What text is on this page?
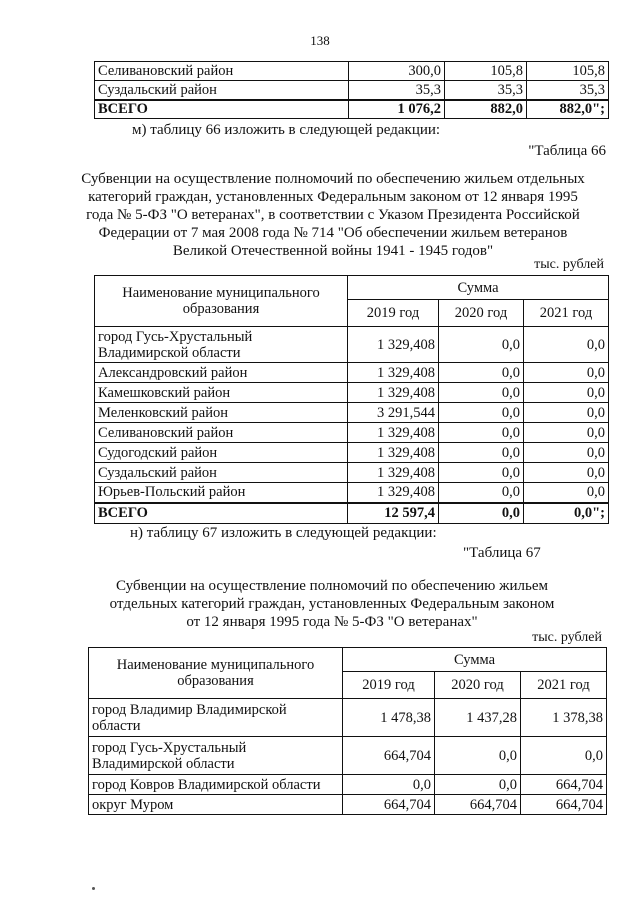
138
Селивановский район	300,0	105,8	105,8
Суздальский район	35,3	35,3	35,3
ВСЕГО	1 076,2	882,0	882,0";
м) таблицу 66 изложить в следующей редакции:
"Таблица 66
Субвенции на осуществление полномочий по обеспечению жильем отдельных
категорий граждан, установленных Федеральным законом от 12 января 1995
года № 5-ФЗ "О ветеранах", в соответствии с Указом Президента Российской
Федерации от 7 мая 2008 года № 714 "Об обеспечении жильем ветеранов
Великой Отечественной войны 1941 - 1945 годов"
тыс. рублей
Наименование муниципального
образования	Сумма		
	2019 год	2020 год	2021 год

город Гусь-Хрустальный
Владимирской области	1 329,408	0,0	0,0
Александровский район	1 329,408	0,0	0,0
Камешковский район	1 329,408	0,0	0,0
Меленковский район	3 291,544	0,0	0,0
Селивановский район	1 329,408	0,0	0,0
Судогодский район	1 329,408	0,0	0,0
Суздальский район	1 329,408	0,0	0,0
Юрьев-Польский район	1 329,408	0,0	0,0
ВСЕГО	12 597,4	0,0	0,0";
н) таблицу 67 изложить в следующей редакции:
"Таблица 67
Субвенции на осуществление полномочий по обеспечению жильем
отдельных категорий граждан, установленных Федеральным законом
от 12 января 1995 года № 5-ФЗ "О ветеранах"
тыс. рублей
Наименование муниципального
образования	Сумма		
	2019 год	2020 год	2021 год

город Владимир Владимирской
области	1 478,38	1 437,28	1 378,38

город Гусь-Хрустальный
Владимирской области	664,704	0,0	0,0
город Ковров Владимирской области	0,0	0,0	664,704
округ Муром	664,704	664,704	664,704
